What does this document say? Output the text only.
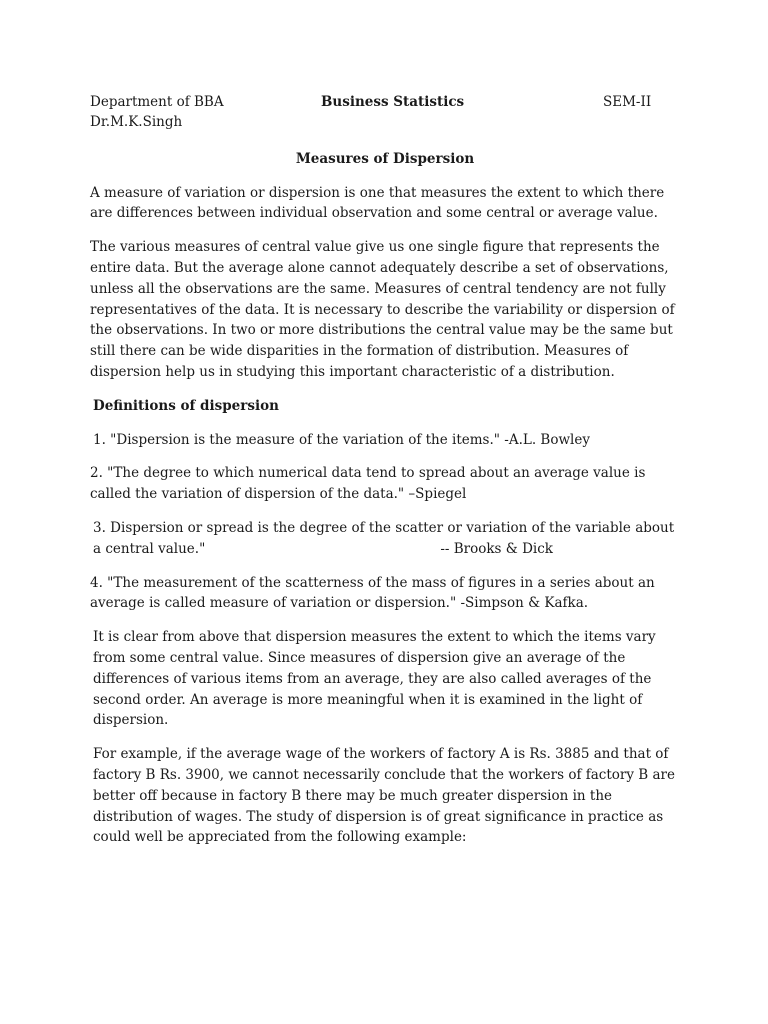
Department of BBA	Business Statistics	SEM-II
Dr.M.K.Singh
Measures of Dispersion

A measure of variation or dispersion is one that measures the extent to which there are differences between individual observation and some central or average value.

The various measures of central value give us one single figure that represents the entire data. But the average alone cannot adequately describe a set of observations, unless all the observations are the same. Measures of central tendency are not fully representatives of the data. It is necessary to describe the variability or dispersion of the observations. In two or more distributions the central value may be the same but still there can be wide disparities in the formation of distribution. Measures of dispersion help us in studying this important characteristic of a distribution.

Definitions of dispersion

1. "Dispersion is the measure of the variation of the items." -A.L. Bowley

2. "The degree to which numerical data tend to spread about an average value is called the variation of dispersion of the data." –Spiegel

3. Dispersion or spread is the degree of the scatter or variation of the variable about a central value."	-- Brooks & Dick

4. "The measurement of the scatterness of the mass of figures in a series about an average is called measure of variation or dispersion." -Simpson & Kafka.

It is clear from above that dispersion measures the extent to which the items vary from some central value. Since measures of dispersion give an average of the differences of various items from an average, they are also called averages of the second order. An average is more meaningful when it is examined in the light of dispersion.

For example, if the average wage of the workers of factory A is Rs. 3885 and that of factory B Rs. 3900, we cannot necessarily conclude that the workers of factory B are better off because in factory B there may be much greater dispersion in the distribution of wages. The study of dispersion is of great significance in practice as could well be appreciated from the following example:
